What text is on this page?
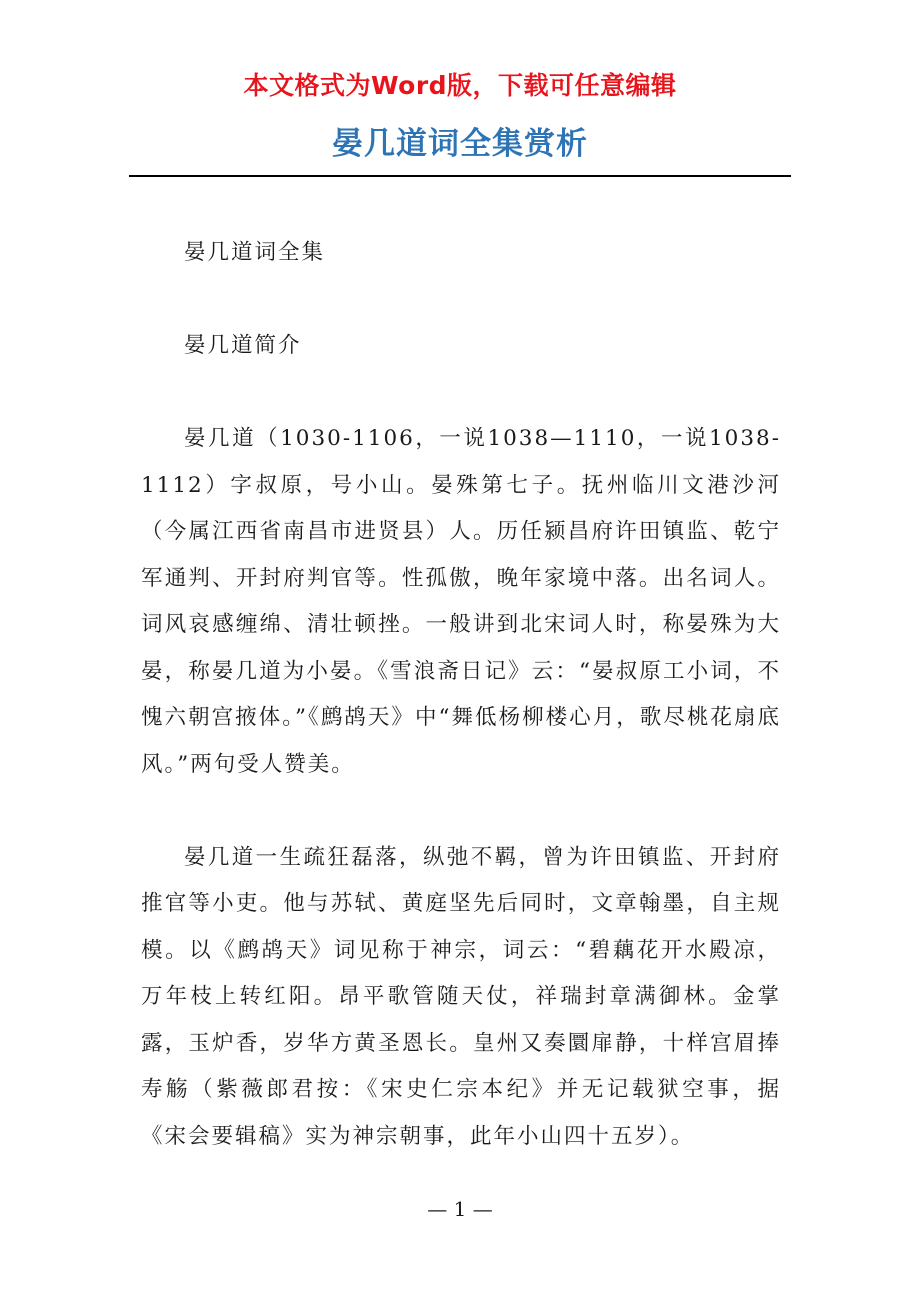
本文格式为Word版，下载可任意编辑
晏几道词全集赏析

晏几道词全集

晏几道简介

晏几道（1030-1106，一说1038—1110，一说1038-1112）字叔原，号小山。晏殊第七子。抚州临川文港沙河（今属江西省南昌市进贤县）人。历任颍昌府许田镇监、乾宁军通判、开封府判官等。性孤傲，晚年家境中落。出名词人。词风哀感缠绵、清壮顿挫。一般讲到北宋词人时，称晏殊为大晏，称晏几道为小晏。《雪浪斋日记》云：“晏叔原工小词，不愧六朝宫掖体。”《鹧鸪天》中“舞低杨柳楼心月，歌尽桃花扇底风。”两句受人赞美。

晏几道一生疏狂磊落，纵弛不羁，曾为许田镇监、开封府推官等小吏。他与苏轼、黄庭坚先后同时，文章翰墨，自主规模。以《鹧鸪天》词见称于神宗，词云：“碧藕花开水殿凉，万年枝上转红阳。昂平歌管随天仗，祥瑞封章满御林。金掌露，玉炉香，岁华方黄圣恩长。皇州又奏圜扉静，十样宫眉捧寿觞（紫薇郎君按：《宋史仁宗本纪》并无记载狱空事，据《宋会要辑稿》实为神宗朝事，此年小山四十五岁）。

— 1 —
